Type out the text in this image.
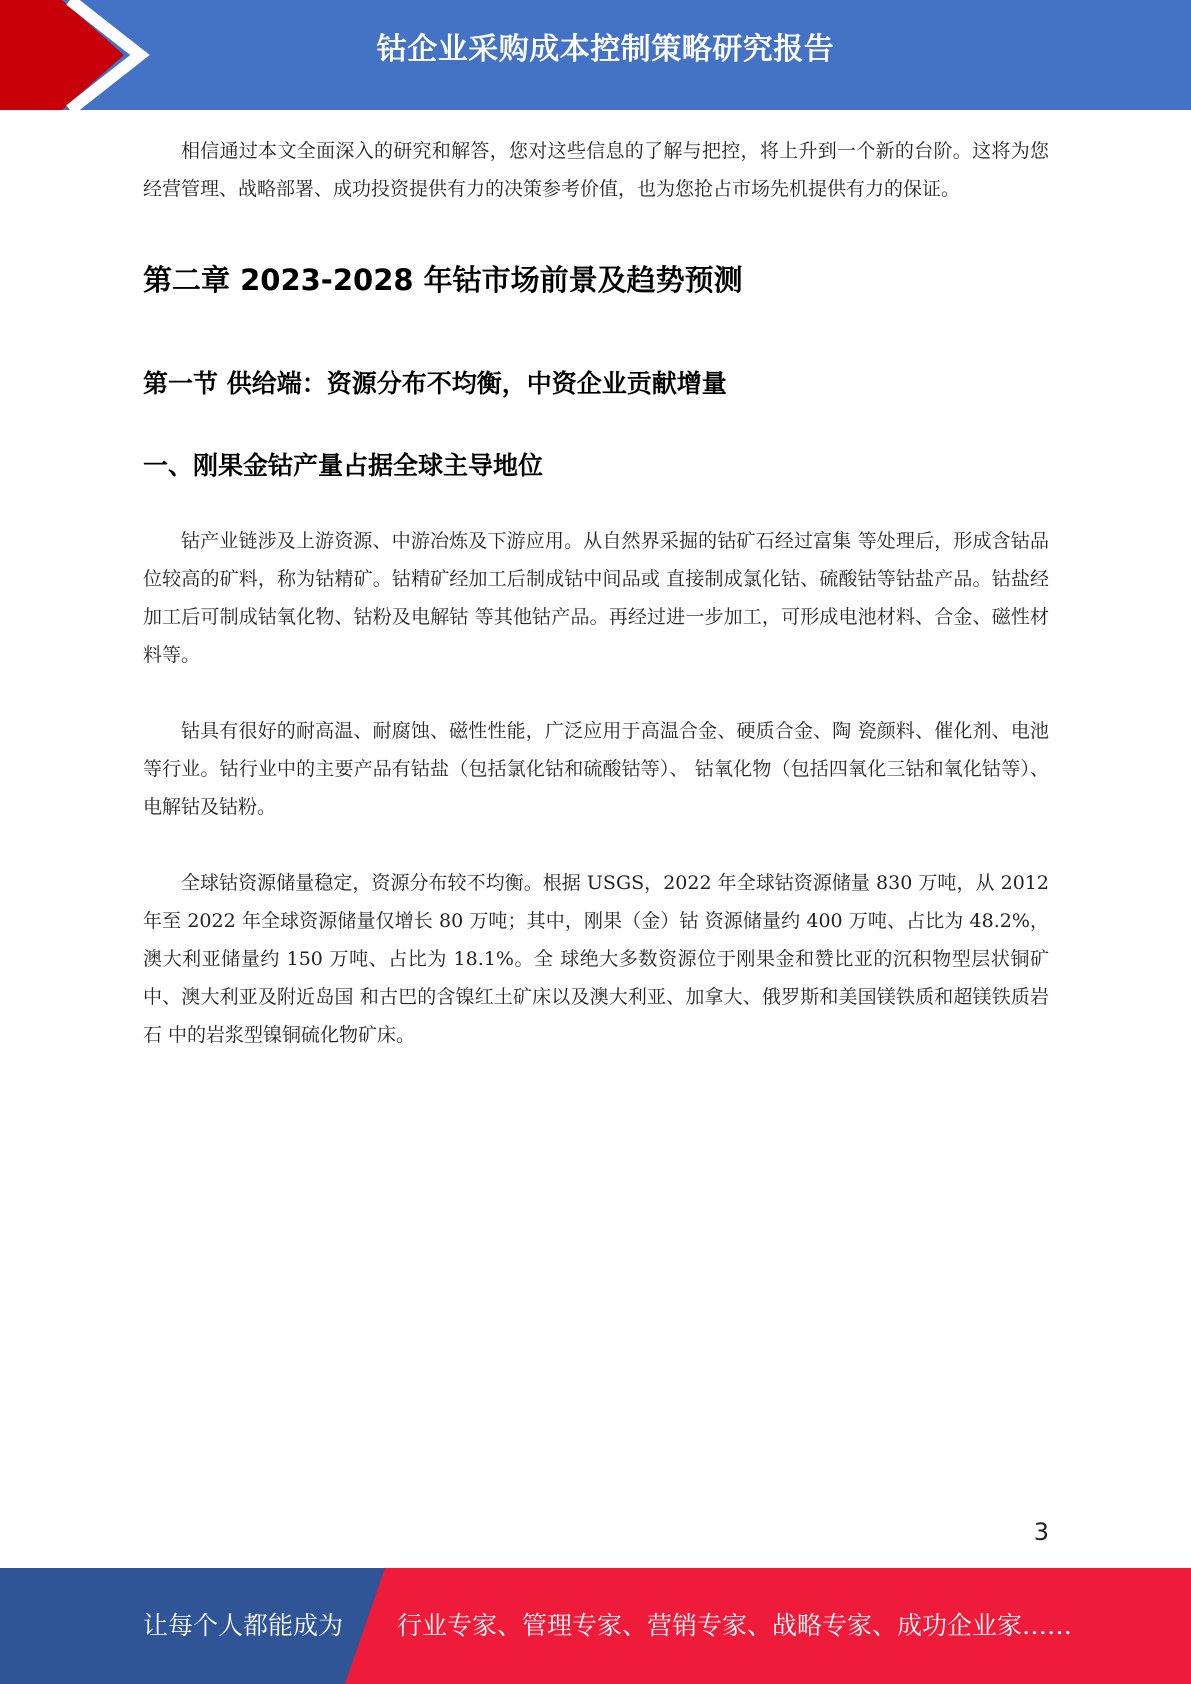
钴企业采购成本控制策略研究报告

相信通过本文全面深入的研究和解答，您对这些信息的了解与把控，将上升到一个新的台阶。这将为您经营管理、战略部署、成功投资提供有力的决策参考价值，也为您抢占市场先机提供有力的保证。

第二章 2023-2028 年钴市场前景及趋势预测
第一节 供给端：资源分布不均衡，中资企业贡献增量
一、刚果金钴产量占据全球主导地位

钴产业链涉及上游资源、中游冶炼及下游应用。从自然界采掘的钴矿石经过富集 等处理后，形成含钴品位较高的矿料，称为钴精矿。钴精矿经加工后制成钴中间品或 直接制成氯化钴、硫酸钴等钴盐产品。钴盐经加工后可制成钴氧化物、钴粉及电解钴 等其他钴产品。再经过进一步加工，可形成电池材料、合金、磁性材料等。

钴具有很好的耐高温、耐腐蚀、磁性性能，广泛应用于高温合金、硬质合金、陶 瓷颜料、催化剂、电池等行业。钴行业中的主要产品有钴盐（包括氯化钴和硫酸钴等）、 钴氧化物（包括四氧化三钴和氧化钴等）、电解钴及钴粉。

全球钴资源储量稳定，资源分布较不均衡。根据 USGS，2022 年全球钴资源储量 830 万吨，从 2012 年至 2022 年全球资源储量仅增长 80 万吨；其中，刚果（金）钴 资源储量约 400 万吨、占比为 48.2%，澳大利亚储量约 150 万吨、占比为 18.1%。全 球绝大多数资源位于刚果金和赞比亚的沉积物型层状铜矿中、澳大利亚及附近岛国 和古巴的含镍红土矿床以及澳大利亚、加拿大、俄罗斯和美国镁铁质和超镁铁质岩石 中的岩浆型镍铜硫化物矿床。

3
让每个人都能成为 行业专家、管理专家、营销专家、战略专家、成功企业家……
